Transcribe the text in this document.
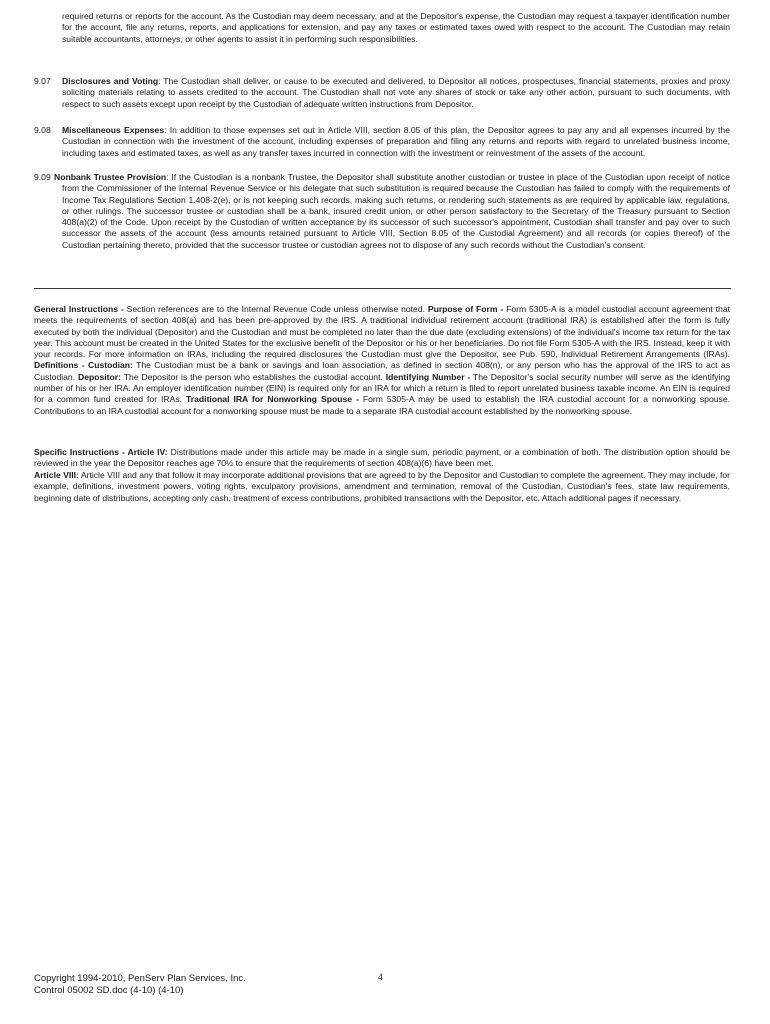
required returns or reports for the account. As the Custodian may deem necessary, and at the Depositor's expense, the Custodian may request a taxpayer identification number for the account, file any returns, reports, and applications for extension, and pay any taxes or estimated taxes owed with respect to the account. The Custodian may retain suitable accountants, attorneys, or other agents to assist it in performing such responsibilities.

9.07 Disclosures and Voting: The Custodian shall deliver, or cause to be executed and delivered, to Depositor all notices, prospectuses, financial statements, proxies and proxy soliciting materials relating to assets credited to the account. The Custodian shall not vote any shares of stock or take any other action, pursuant to such documents, with respect to such assets except upon receipt by the Custodian of adequate written instructions from Depositor.

9.08 Miscellaneous Expenses: In addition to those expenses set out in Article VIII, section 8.05 of this plan, the Depositor agrees to pay any and all expenses incurred by the Custodian in connection with the investment of the account, including expenses of preparation and filing any returns and reports with regard to unrelated business income, including taxes and estimated taxes, as well as any transfer taxes incurred in connection with the investment or reinvestment of the assets of the account.

9.09 Nonbank Trustee Provision: If the Custodian is a nonbank Trustee, the Depositor shall substitute another custodian or trustee in place of the Custodian upon receipt of notice from the Commissioner of the Internal Revenue Service or his delegate that such substitution is required because the Custodian has failed to comply with the requirements of Income Tax Regulations Section 1.408-2(e), or is not keeping such records, making such returns, or rendering such statements as are required by applicable law, regulations, or other rulings. The successor trustee or custodian shall be a bank, insured credit union, or other person satisfactory to the Secretary of the Treasury pursuant to Section 408(a)(2) of the Code. Upon receipt by the Custodian of written acceptance by its successor of such successor's appointment, Custodian shall transfer and pay over to such successor the assets of the account (less amounts retained pursuant to Article VIII, Section 8.05 of the Custodial Agreement) and all records (or copies thereof) of the Custodian pertaining thereto, provided that the successor trustee or custodian agrees not to dispose of any such records without the Custodian's consent.

General Instructions - Section references are to the Internal Revenue Code unless otherwise noted. Purpose of Form - Form 5305-A is a model custodial account agreement that meets the requirements of section 408(a) and has been pre-approved by the IRS. A traditional individual retirement account (traditional IRA) is established after the form is fully executed by both the individual (Depositor) and the Custodian and must be completed no later than the due date (excluding extensions) of the individual's income tax return for the tax year. This account must be created in the United States for the exclusive benefit of the Depositor or his or her beneficiaries. Do not file Form 5305-A with the IRS. Instead, keep it with your records. For more information on IRAs, including the required disclosures the Custodian must give the Depositor, see Pub. 590, Individual Retirement Arrangements (IRAs). Definitions - Custodian: The Custodian must be a bank or savings and loan association, as defined in section 408(n), or any person who has the approval of the IRS to act as Custodian. Depositor: The Depositor is the person who establishes the custodial account. Identifying Number - The Depositor's social security number will serve as the identifying number of his or her IRA. An employer identification number (EIN) is required only for an IRA for which a return is filed to report unrelated business taxable income. An EIN is required for a common fund created for IRAs. Traditional IRA for Nonworking Spouse - Form 5305-A may be used to establish the IRA custodial account for a nonworking spouse. Contributions to an IRA custodial account for a nonworking spouse must be made to a separate IRA custodial account established by the nonworking spouse.

Specific Instructions - Article IV: Distributions made under this article may be made in a single sum, periodic payment, or a combination of both. The distribution option should be reviewed in the year the Depositor reaches age 70½ to ensure that the requirements of section 408(a)(6) have been met.

Article VIII: Article VIII and any that follow it may incorporate additional provisions that are agreed to by the Depositor and Custodian to complete the agreement. They may include, for example, definitions, investment powers, voting rights, exculpatory provisions, amendment and termination, removal of the Custodian, Custodian's fees, state law requirements, beginning date of distributions, accepting only cash, treatment of excess contributions, prohibited transactions with the Depositor, etc. Attach additional pages if necessary.

Copyright 1994-2010, PenServ Plan Services, Inc.
Control 05002 SD.doc (4-10) (4-10)
4
